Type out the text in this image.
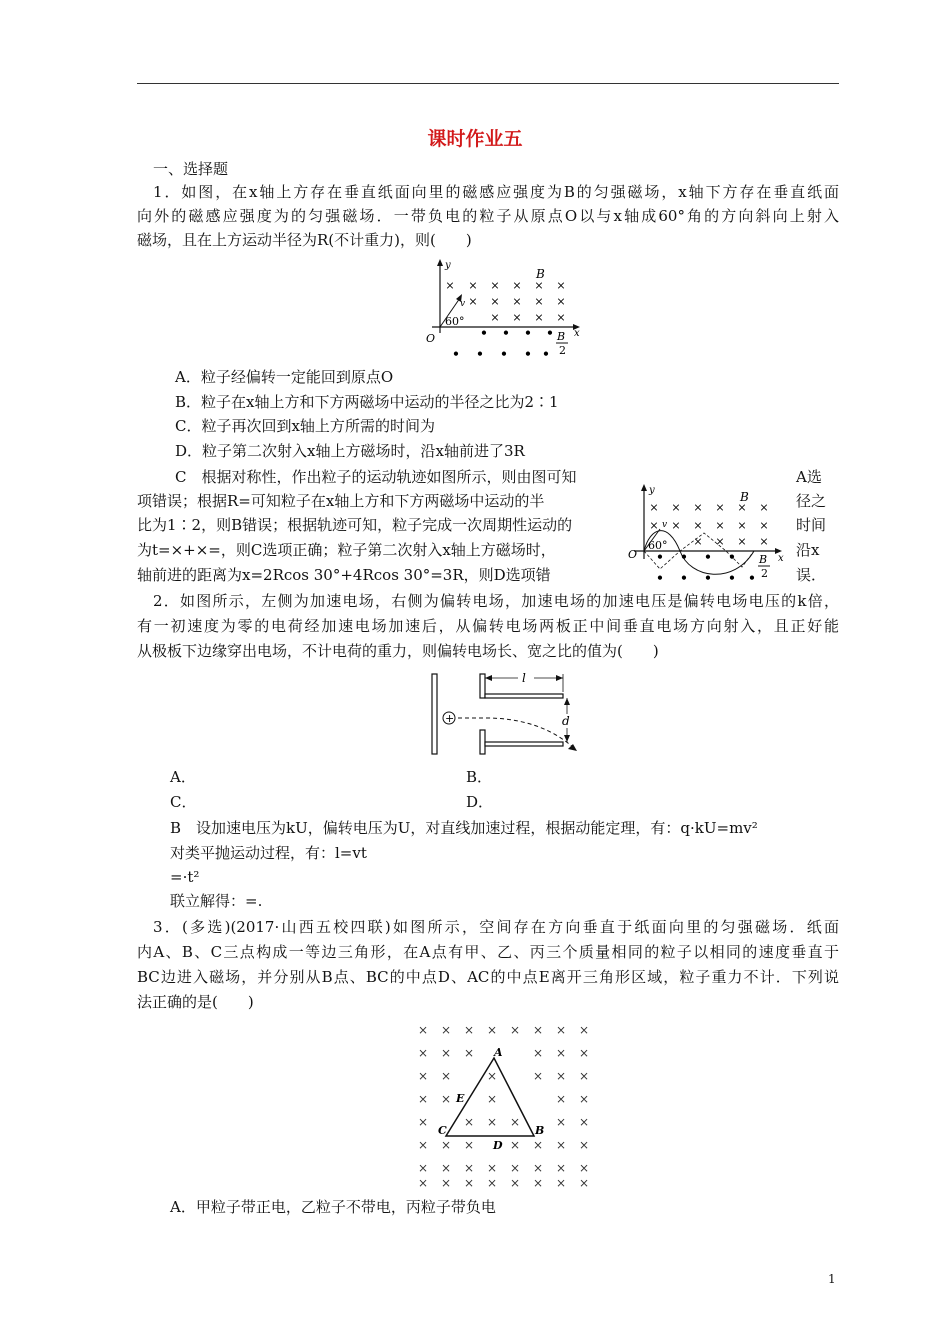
课时作业五
一、选择题
1．如图，在x轴上方存在垂直纸面向里的磁感应强度为B的匀强磁场，x轴下方存在垂直纸面
向外的磁感应强度为的匀强磁场．一带负电的粒子从原点O以与x轴成60°角的方向斜向上射入
磁场，且在上方运动半径为R(不计重力)，则(　　)
y
x
B
O
× × × × × ×
× × × × ×
× × × ×
v
60°
• • • •
• • • • •
B
2
A．粒子经偏转一定能回到原点O
B．粒子在x轴上方和下方两磁场中运动的半径之比为2∶1
C．粒子再次回到x轴上方所需的时间为
D．粒子第二次射入x轴上方磁场时，沿x轴前进了3R
C　根据对称性，作出粒子的运动轨迹如图所示，则由图可知
项错误；根据R=可知粒子在x轴上方和下方两磁场中运动的半
比为1∶2，则B错误；根据轨迹可知，粒子完成一次周期性运动的
为t=×+×=，则C选项正确；粒子第二次射入x轴上方磁场时，
轴前进的距离为x=2Rcos 30°+4Rcos 30°=3R，则D选项错
A选
径之
时间
沿x
误．
y
x
B
O
× × × × × ×
× × × × × ×
× × × ×
v
60°
• • • •
• • • • •
B
2
2．如图所示，左侧为加速电场，右侧为偏转电场，加速电场的加速电压是偏转电场电压的k倍，
有一初速度为零的电荷经加速电场加速后，从偏转电场两板正中间垂直电场方向射入，且正好能
从极板下边缘穿出电场，不计电荷的重力，则偏转电场长、宽之比的值为(　　)
l
d
+
A．	B．
C．	D．
B　设加速电压为kU，偏转电压为U，对直线加速过程，根据动能定理，有：q·kU=mv²
对类平抛运动过程，有：l=vt
=·t²
联立解得：=.
3．(多选)(2017·山西五校四联)如图所示，空间存在方向垂直于纸面向里的匀强磁场．纸面
内A、B、C三点构成一等边三角形，在A点有甲、乙、丙三个质量相同的粒子以相同的速度垂直于
BC边进入磁场，并分别从B点、BC的中点D、AC的中点E离开三角形区域，粒子重力不计．下列说
法正确的是(　　)
× × × × × × × ×
× × ×	× × ×
× ×	×	× × ×
× ×	×	× ×
×	× × ×	× ×
× × ×	× × × ×
× × × × × × × ×
× × × × × × × ×
A
E
C	B
D
A．甲粒子带正电，乙粒子不带电，丙粒子带负电
1
